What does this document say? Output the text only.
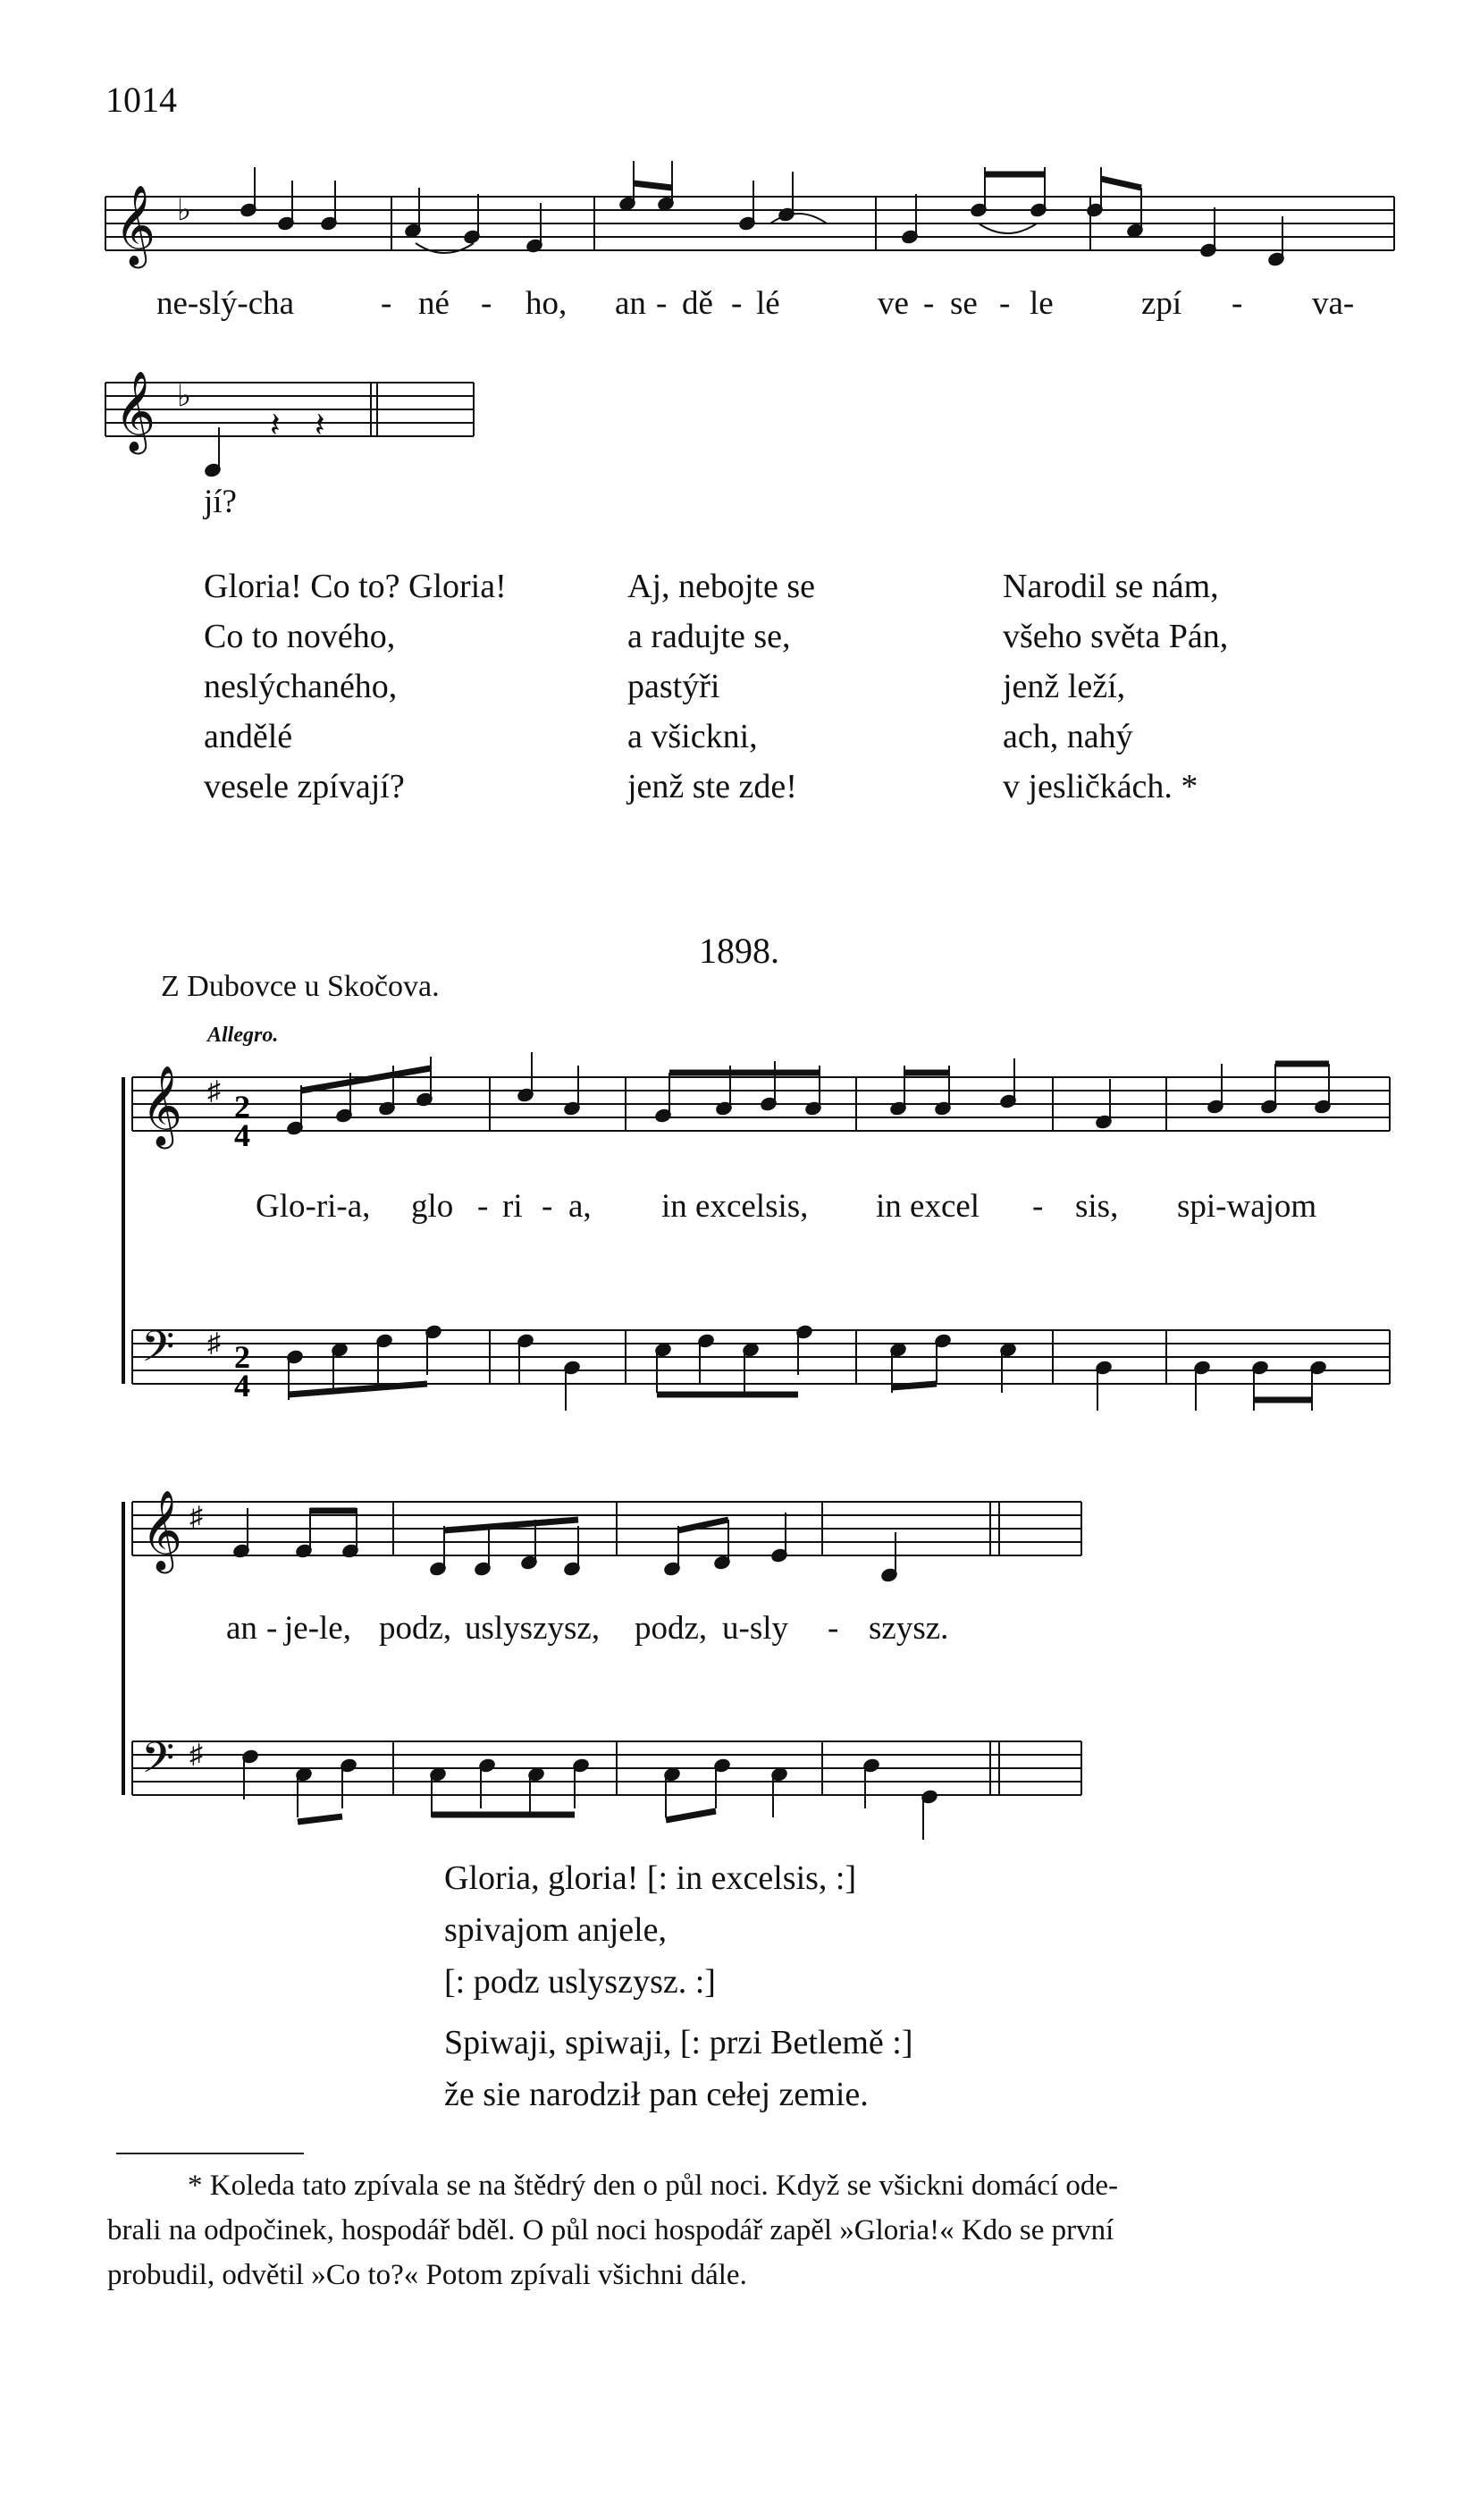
1014
𝄞 ♭
𝄞 ♭
𝄞
𝄢
♯
♯
𝄞
𝄢
♯
♯
𝄽 𝄽
2
4
2
4
ne-slý-cha	- né - ho, an - dě - lé	ve - se - le	zpí - va-
jí?
Gloria! Co to? Gloria!
Co to nového,
neslýchaného,
andělé
vesele zpívají?
Aj, nebojte se
a radujte se,
pastýři
a všickni,
jenž ste zde!
Narodil se nám,
všeho světa Pán,
jenž leží,
ach, nahý
v jesličkách. *
1898.
Z Dubovce u Skočova.
Allegro.
Glo-ri-a, glo - ri - a, in excelsis, in excel - sis, spi-wajom
an - je-le, podz, uslyszysz, podz, u-sly - szysz.
Gloria, gloria! [: in excelsis, :]
spivajom anjele,
[: podz uslyszysz. :]
Spiwaji, spiwaji, [: przi Betlemě :]
že sie narodził pan cełej zemie.

* Koleda tato zpívala se na štědrý den o půl noci. Když se všickni domácí ode-

brali na odpočinek, hospodář bděl. O půl noci hospodář zapěl »Gloria!« Kdo se první

probudil, odvětil »Co to?« Potom zpívali všichni dále.
